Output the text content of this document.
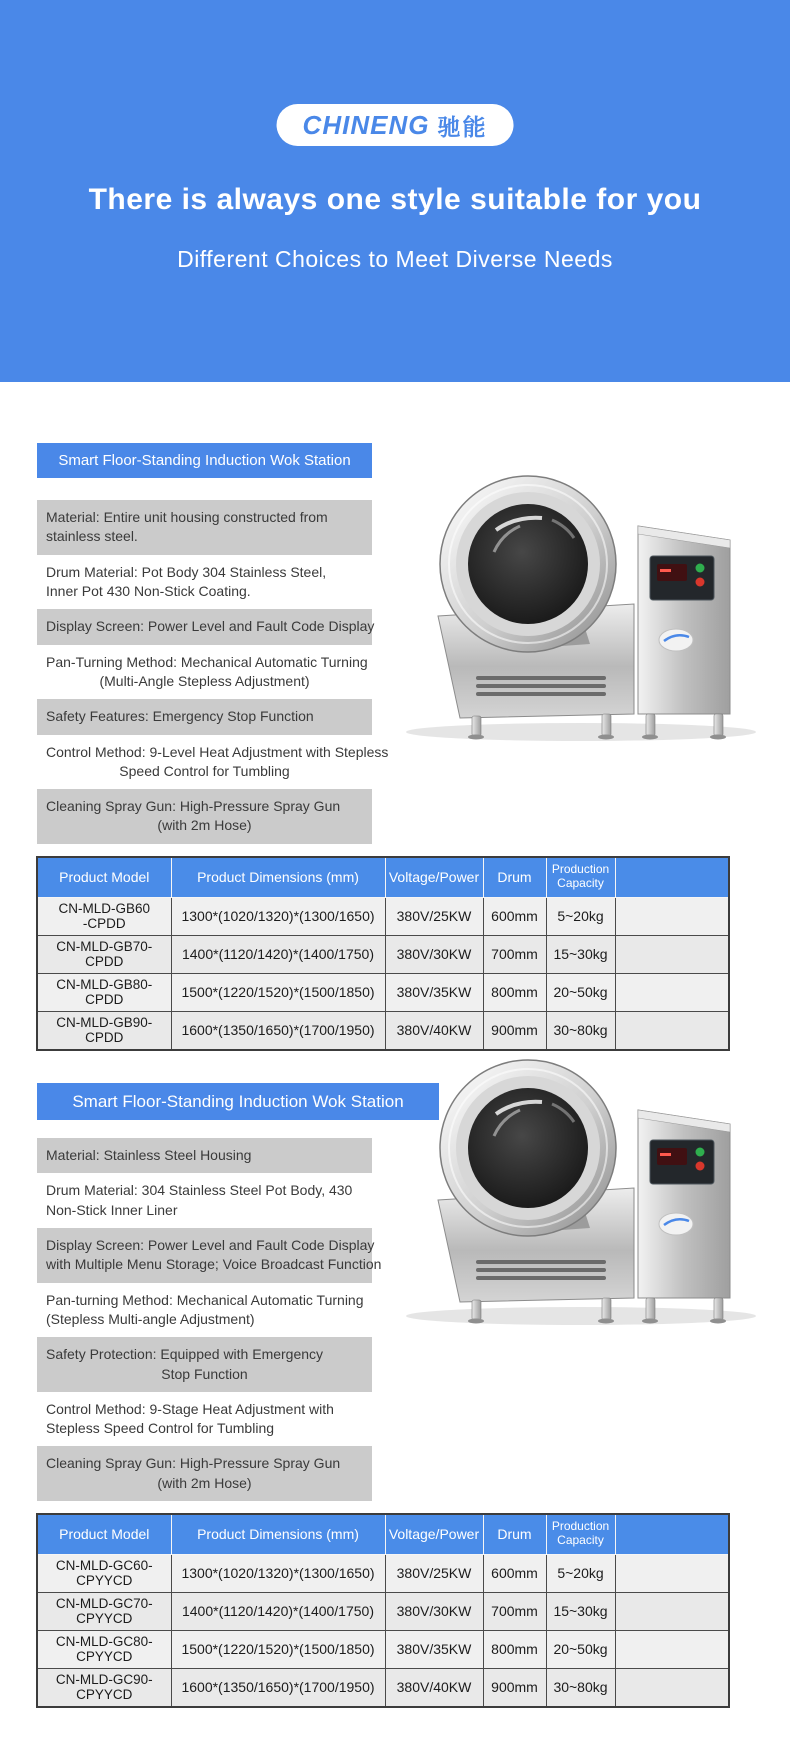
CHINENG 驰能
There is always one style suitable for you

Different Choices to Meet Diverse Needs

Smart Floor-Standing Induction Wok Station
Material: Entire unit housing constructed from
stainless steel.
Drum Material: Pot Body 304 Stainless Steel,
Inner Pot 430 Non-Stick Coating.
Display Screen: Power Level and Fault Code Display
Pan-Turning Method: Mechanical Automatic Turning
(Multi-Angle Stepless Adjustment)
Safety Features: Emergency Stop Function
Control Method: 9-Level Heat Adjustment with Stepless
Speed Control for Tumbling
Cleaning Spray Gun: High-Pressure Spray Gun
(with 2m Hose)
Product Model	Product Dimensions (mm)	Voltage/Power	Drum	Production Capacity	

CN-MLD-GB60
-CPDD	1300*(1020/1320)*(1300/1650)	380V/25KW	600mm	5~20kg	

CN-MLD-GB70-
CPDD	1400*(1120/1420)*(1400/1750)	380V/30KW	700mm	15~30kg	

CN-MLD-GB80-
CPDD	1500*(1220/1520)*(1500/1850)	380V/35KW	800mm	20~50kg	

CN-MLD-GB90-
CPDD	1600*(1350/1650)*(1700/1950)	380V/40KW	900mm	30~80kg	
Smart Floor-Standing Induction Wok Station
Material: Stainless Steel Housing
Drum Material: 304 Stainless Steel Pot Body, 430
Non-Stick Inner Liner
Display Screen: Power Level and Fault Code Display
with Multiple Menu Storage; Voice Broadcast Function
Pan-turning Method: Mechanical Automatic Turning
(Stepless Multi-angle Adjustment)
Safety Protection: Equipped with Emergency
Stop Function
Control Method: 9-Stage Heat Adjustment with
Stepless Speed Control for Tumbling
Cleaning Spray Gun: High-Pressure Spray Gun
(with 2m Hose)
Product Model	Product Dimensions (mm)	Voltage/Power	Drum	Production Capacity	

CN-MLD-GC60-
CPYYCD	1300*(1020/1320)*(1300/1650)	380V/25KW	600mm	5~20kg	

CN-MLD-GC70-
CPYYCD	1400*(1120/1420)*(1400/1750)	380V/30KW	700mm	15~30kg	

CN-MLD-GC80-
CPYYCD	1500*(1220/1520)*(1500/1850)	380V/35KW	800mm	20~50kg	

CN-MLD-GC90-
CPYYCD	1600*(1350/1650)*(1700/1950)	380V/40KW	900mm	30~80kg	
